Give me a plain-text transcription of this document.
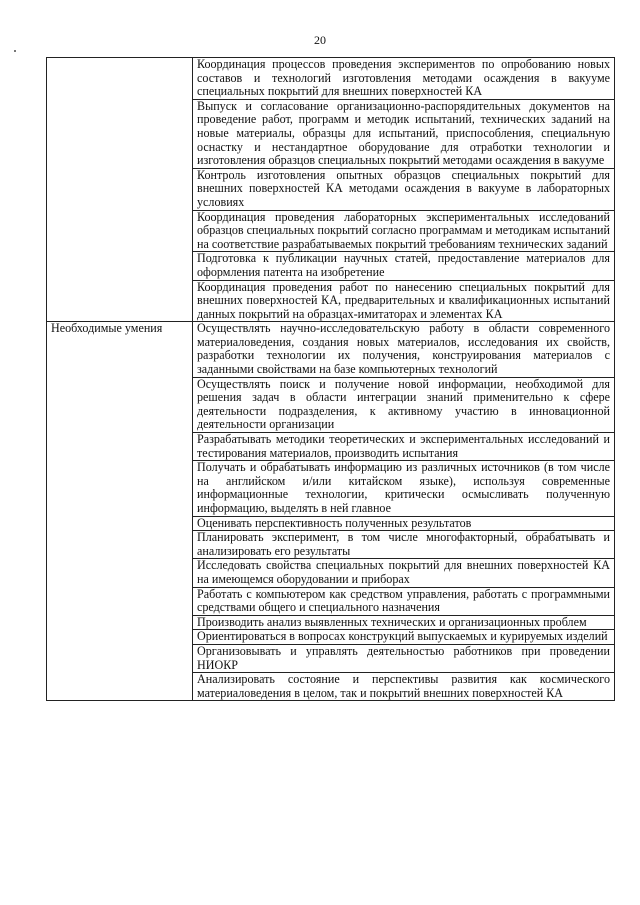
20
	Координация процессов проведения экспериментов по опробованию новых составов и технологий изготовления методами осаждения в вакууме специальных покрытий для внешних поверхностей КА
	Выпуск и согласование организационно-распорядительных документов на проведение работ, программ и методик испытаний, технических заданий на новые материалы, образцы для испытаний, приспособления, специальную оснастку и нестандартное оборудование для отработки технологии и изготовления образцов специальных покрытий методами осаждения в вакууме
	Контроль изготовления опытных образцов специальных покрытий для внешних поверхностей КА методами осаждения в вакууме в лабораторных условиях
	Координация проведения лабораторных экспериментальных исследований образцов специальных покрытий согласно программам и методикам испытаний на соответствие разрабатываемых покрытий требованиям технических заданий
	Подготовка к публикации научных статей, предоставление материалов для оформления патента на изобретение
	Координация проведения работ по нанесению специальных покрытий для внешних поверхностей КА, предварительных и квалификационных испытаний данных покрытий на образцах-имитаторах и элементах КА
Необходимые умения	Осуществлять научно-исследовательскую работу в области современного материаловедения, создания новых материалов, исследования их свойств, разработки технологии их получения, конструирования материалов с заданными свойствами на базе компьютерных технологий
	Осуществлять поиск и получение новой информации, необходимой для решения задач в области интеграции знаний применительно к сфере деятельности подразделения, к активному участию в инновационной деятельности организации
	Разрабатывать методики теоретических и экспериментальных исследований и тестирования материалов, производить испытания
	Получать и обрабатывать информацию из различных источников (в том числе на английском и/или китайском языке), используя современные информационные технологии, критически осмысливать полученную информацию, выделять в ней главное
	Оценивать перспективность полученных результатов
	Планировать эксперимент, в том числе многофакторный, обрабатывать и анализировать его результаты
	Исследовать свойства специальных покрытий для внешних поверхностей КА на имеющемся оборудовании и приборах
	Работать с компьютером как средством управления, работать с программными средствами общего и специального назначения
	Производить анализ выявленных технических и организационных проблем
	Ориентироваться в вопросах конструкций выпускаемых и курируемых изделий
	Организовывать и управлять деятельностью работников при проведении НИОКР
	Анализировать состояние и перспективы развития как космического материаловедения в целом, так и покрытий внешних поверхностей КА
